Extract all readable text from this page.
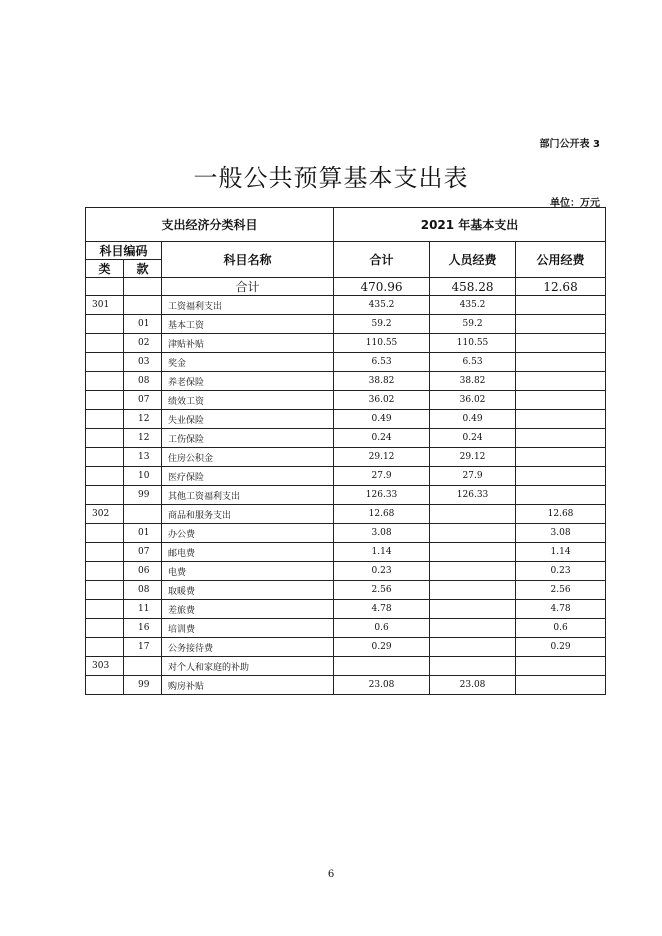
部门公开表 3
一般公共预算基本支出表
单位：万元
支出经济分类科目			2021 年基本支出		
科目编码		科目名称	合计	人员经费	公用经费
类	款				
		合计	470.96	458.28	12.68
301		工资福利支出	435.2	435.2	
	01	基本工资	59.2	59.2	
	02	津贴补贴	110.55	110.55	
	03	奖金	6.53	6.53	
	08	养老保险	38.82	38.82	
	07	绩效工资	36.02	36.02	
	12	失业保险	0.49	0.49	
	12	工伤保险	0.24	0.24	
	13	住房公积金	29.12	29.12	
	10	医疗保险	27.9	27.9	
	99	其他工资福利支出	126.33	126.33	
302		商品和服务支出	12.68		12.68
	01	办公费	3.08		3.08
	07	邮电费	1.14		1.14
	06	电费	0.23		0.23
	08	取暖费	2.56		2.56
	11	差旅费	4.78		4.78
	16	培训费	0.6		0.6
	17	公务接待费	0.29		0.29
303		对个人和家庭的补助			
	99	购房补贴	23.08	23.08	
6
